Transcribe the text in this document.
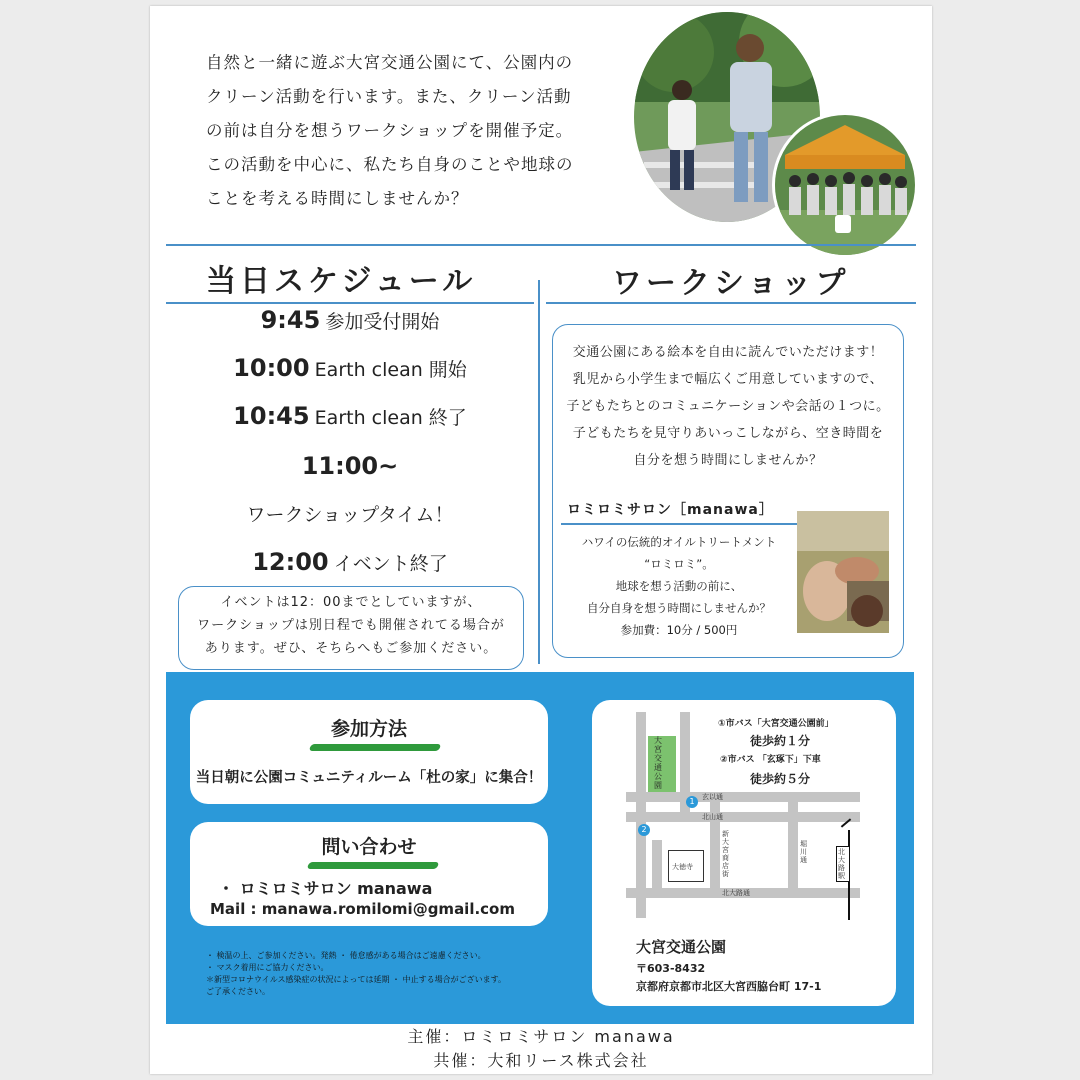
自然と一緒に遊ぶ大宮交通公園にて、公園内の
クリーン活動を行います。また、クリーン活動
の前は自分を想うワークショップを開催予定。
この活動を中心に、私たち自身のことや地球の
ことを考える時間にしませんか？
当日スケジュール
9:45 参加受付開始
10:00 Earth clean 開始
10:45 Earth clean 終了
11:00~
ワークショップタイム！
12:00 イベント終了
イベントは12：00までとしていますが、
ワークショップは別日程でも開催されてる場合が
あります。ぜひ、そちらへもご参加ください。
ワークショップ
交通公園にある絵本を自由に読んでいただけます！
乳児から小学生まで幅広くご用意していますので、
子どもたちとのコミュニケーションや会話の１つに。
子どもたちを見守りあいっこしながら、空き時間を
自分を想う時間にしませんか？
ロミロミサロン［manawa］
ハワイの伝統的オイルトリートメント
“ロミロミ”。
地球を想う活動の前に、
自分自身を想う時間にしませんか？
参加費：10分 / 500円
参加方法
当日朝に公園コミュニティルーム「杜の家」に集合！
問い合わせ
・ ロミロミサロン manawa
Mail : manawa.romilomi@gmail.com
・ 検温の上、ご参加ください。発熱 ・ 倦怠感がある場合はご遠慮ください。
・ マスク着用にご協力ください。
＊新型コロナウイルス感染症の状況によっては延期 ・ 中止する場合がございます。
ご了承ください。
大宮交通公園
大徳寺
玄以通
北山通
北大路通
新大宮商店街
堀川通
北大路駅
1
2
①市バス「大宮交通公園前」
徒歩約１分
②市バス 「玄琢下」下車
徒歩約５分
大宮交通公園
〒603-8432
京都府京都市北区大宮西脇台町 17-1
主催：ロミロミサロン manawa
共催：大和リース株式会社
